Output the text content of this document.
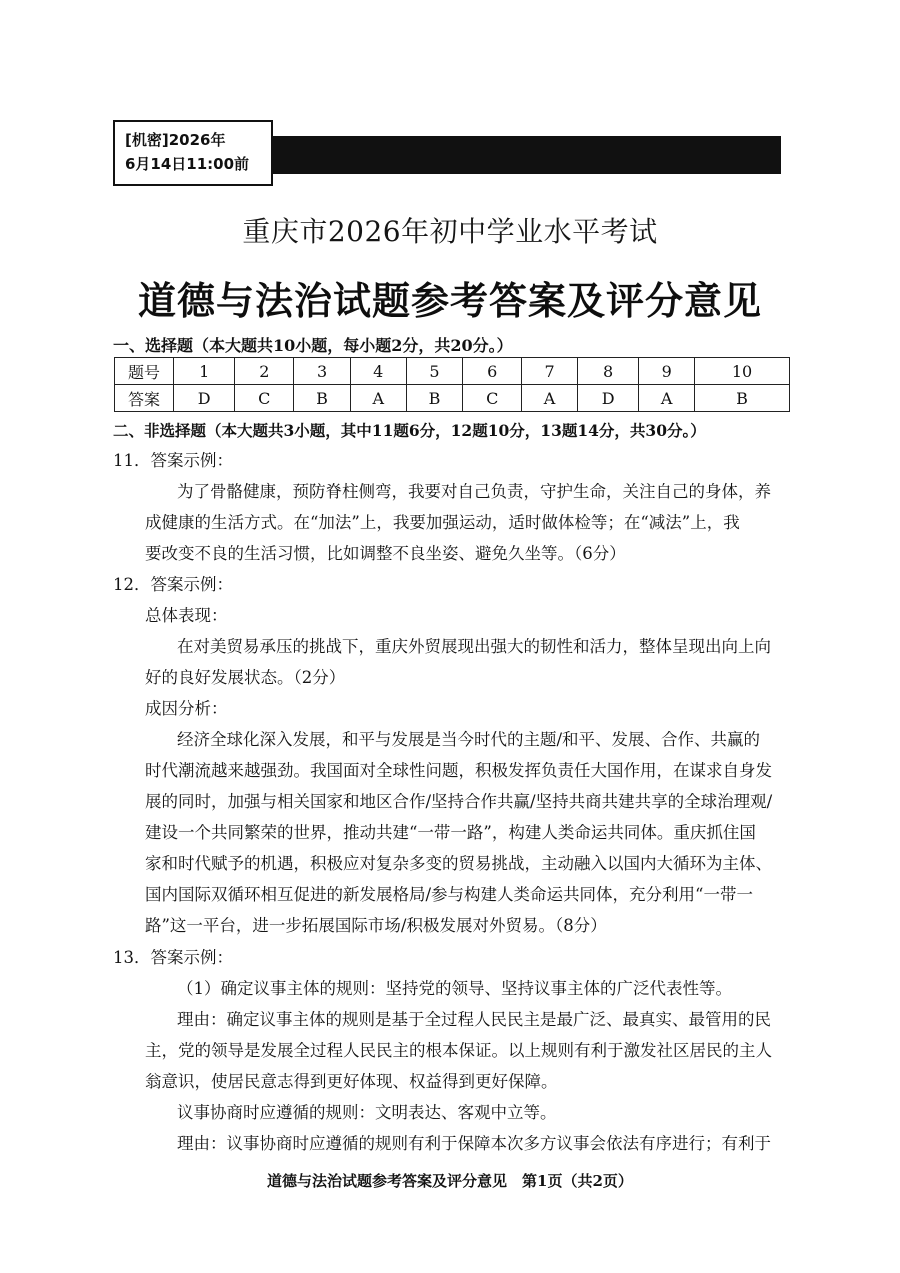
[机密]2026年
6月14日11:00前
重庆市2026年初中学业水平考试
道德与法治试题参考答案及评分意见
一、选择题（本大题共10小题，每小题2分，共20分。）
题号	1	2	3	4	5	6	7	8	9	10
答案	D	C	B	A	B	C	A	D	A	B
二、非选择题（本大题共3小题，其中11题6分，12题10分，13题14分，共30分。）
11．答案示例：
为了骨骼健康，预防脊柱侧弯，我要对自己负责，守护生命，关注自己的身体，养
成健康的生活方式。在“加法”上，我要加强运动，适时做体检等；在“减法”上，我
要改变不良的生活习惯，比如调整不良坐姿、避免久坐等。（6分）
12．答案示例：
总体表现：
在对美贸易承压的挑战下，重庆外贸展现出强大的韧性和活力，整体呈现出向上向
好的良好发展状态。（2分）
成因分析：
经济全球化深入发展，和平与发展是当今时代的主题/和平、发展、合作、共赢的
时代潮流越来越强劲。我国面对全球性问题，积极发挥负责任大国作用，在谋求自身发
展的同时，加强与相关国家和地区合作/坚持合作共赢/坚持共商共建共享的全球治理观/
建设一个共同繁荣的世界，推动共建“一带一路”，构建人类命运共同体。重庆抓住国
家和时代赋予的机遇，积极应对复杂多变的贸易挑战，主动融入以国内大循环为主体、
国内国际双循环相互促进的新发展格局/参与构建人类命运共同体，充分利用“一带一
路”这一平台，进一步拓展国际市场/积极发展对外贸易。（8分）
13．答案示例：
（1）确定议事主体的规则：坚持党的领导、坚持议事主体的广泛代表性等。
理由：确定议事主体的规则是基于全过程人民民主是最广泛、最真实、最管用的民
主，党的领导是发展全过程人民民主的根本保证。以上规则有利于激发社区居民的主人
翁意识，使居民意志得到更好体现、权益得到更好保障。
议事协商时应遵循的规则：文明表达、客观中立等。
理由：议事协商时应遵循的规则有利于保障本次多方议事会依法有序进行；有利于
道德与法治试题参考答案及评分意见　第1页（共2页）
